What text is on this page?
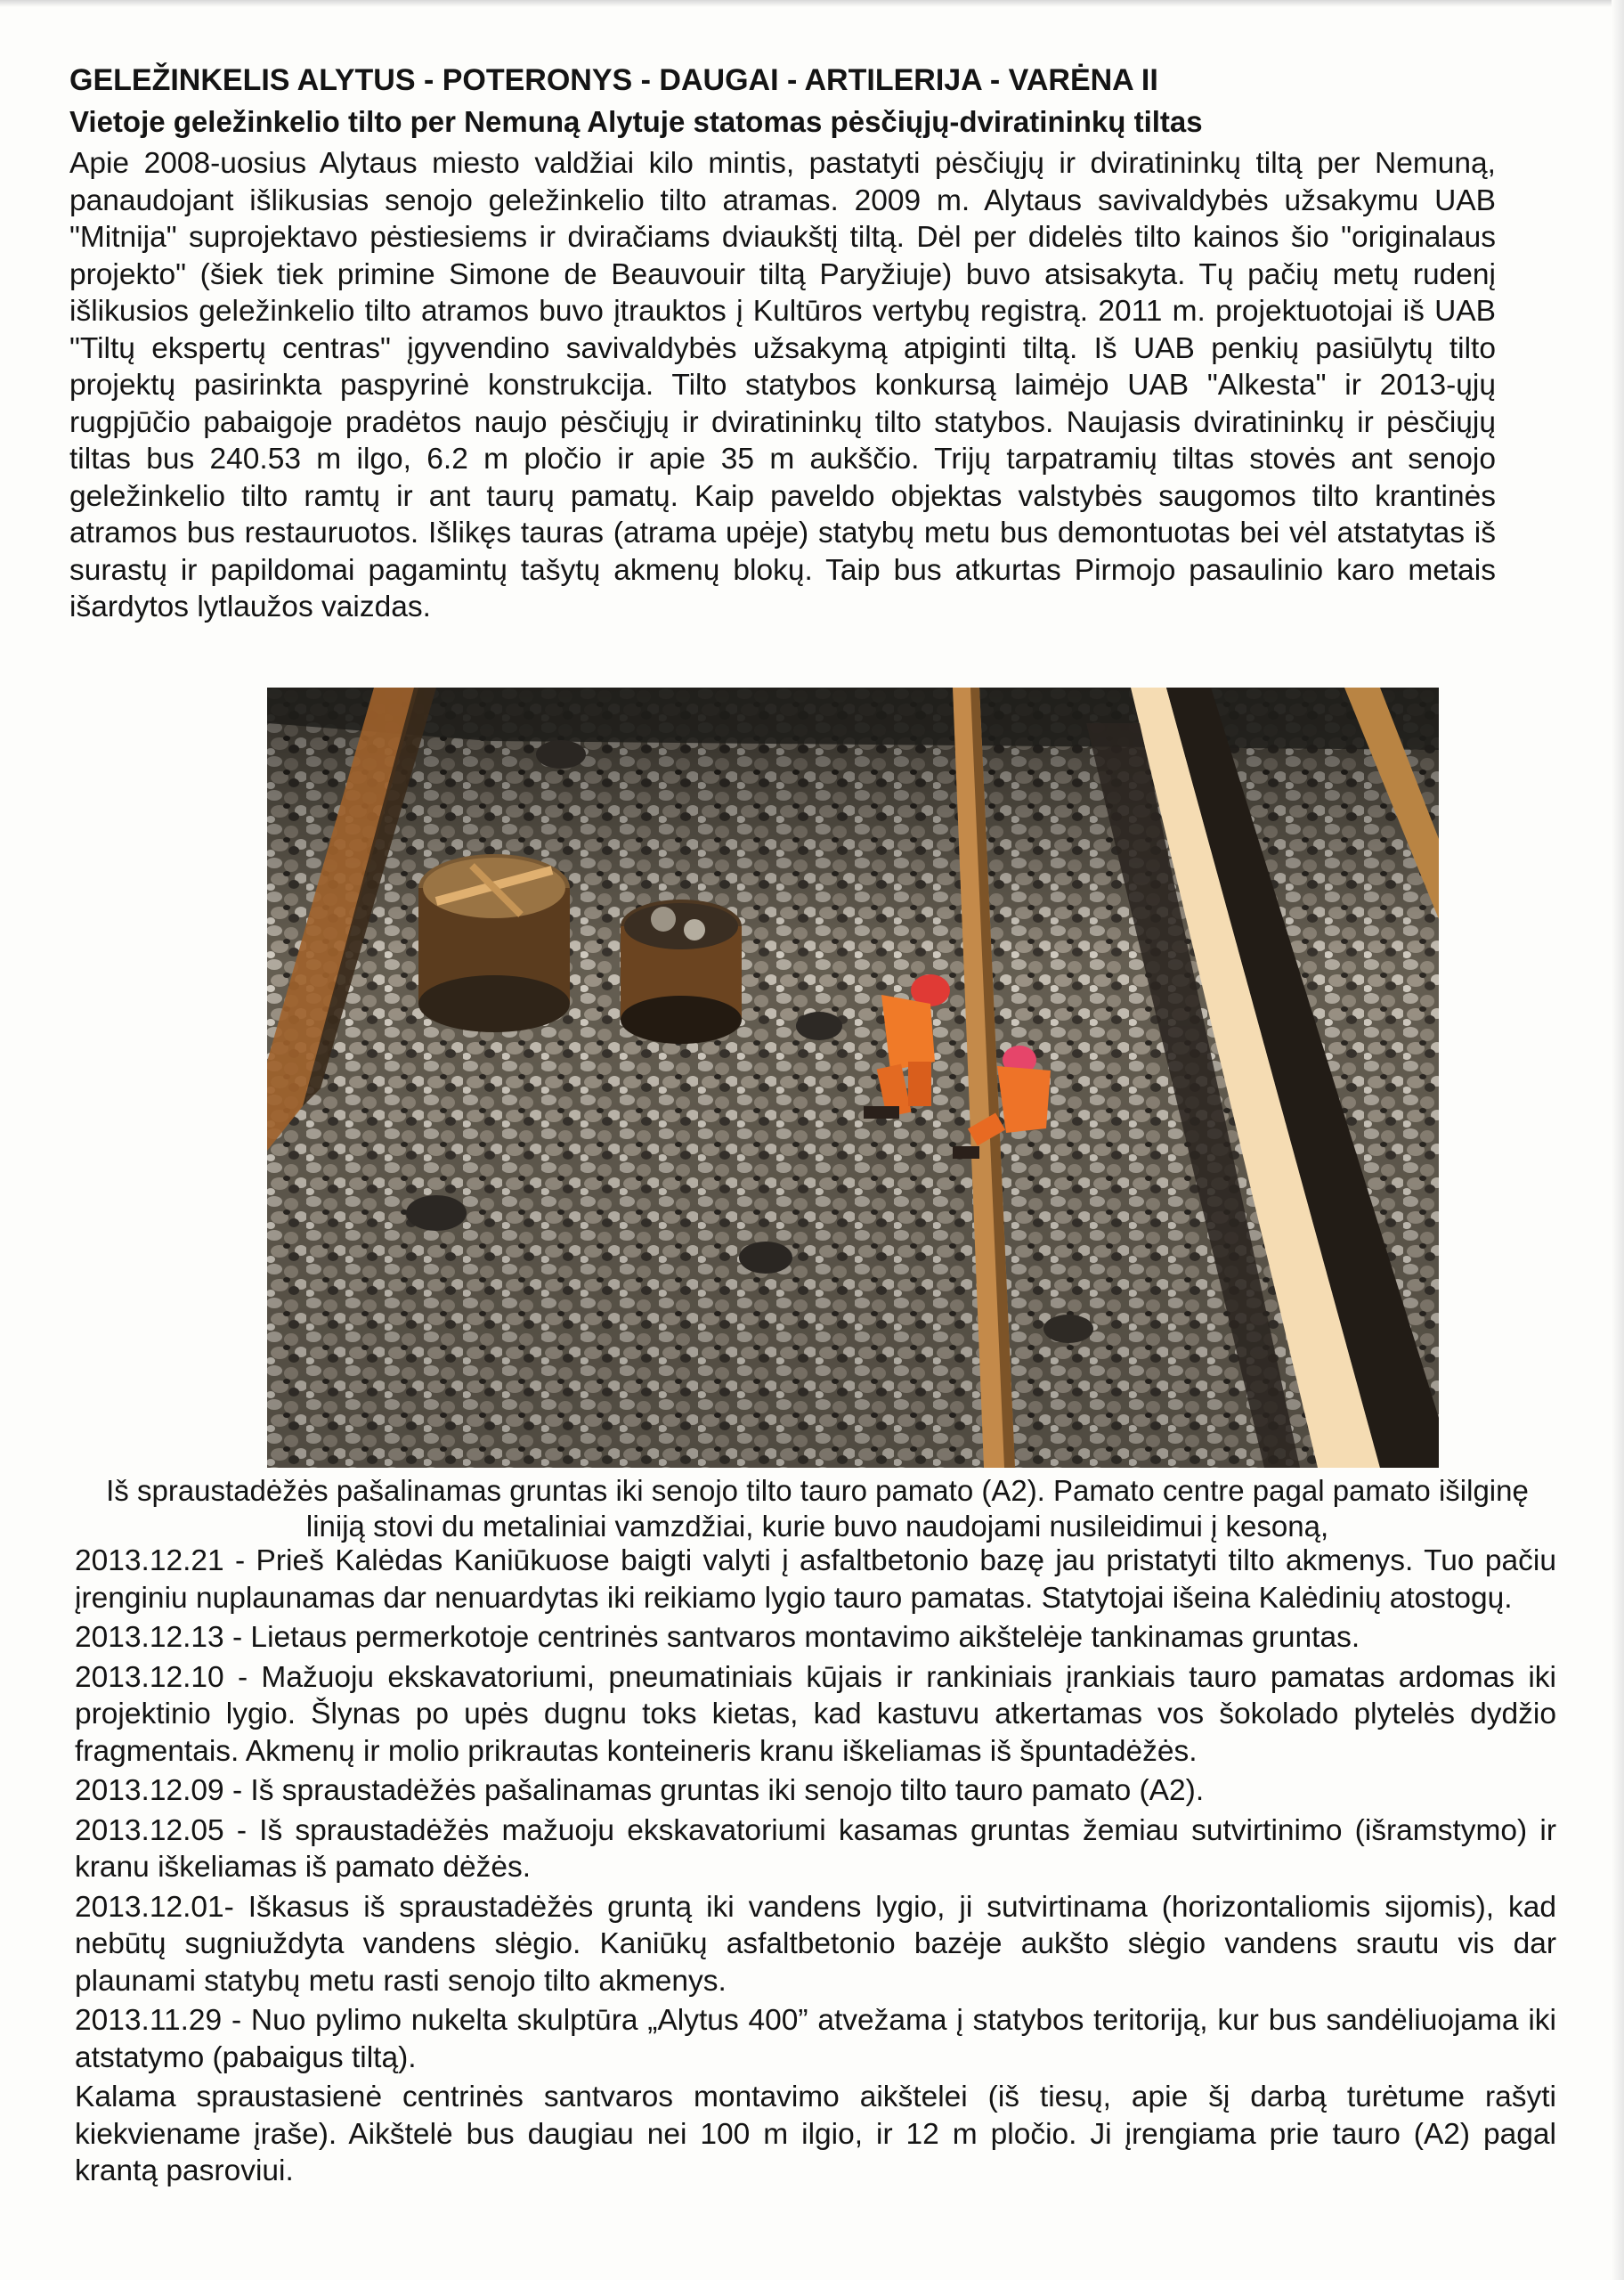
GELEŽINKELIS ALYTUS - POTERONYS - DAUGAI - ARTILERIJA - VARĖNA II
Vietoje geležinkelio tilto per Nemuną Alytuje statomas pėsčiųjų-dviratininkų tiltas

Apie 2008-uosius Alytaus miesto valdžiai kilo mintis, pastatyti pėsčiųjų ir dviratininkų tiltą per Nemuną, panaudojant išlikusias senojo geležinkelio tilto atramas. 2009 m. Alytaus savivaldybės užsakymu UAB "Mitnija" suprojektavo pėstiesiems ir dviračiams dviaukštį tiltą. Dėl per didelės tilto kainos šio "originalaus projekto" (šiek tiek primine Simone de Beauvouir tiltą Paryžiuje) buvo atsisakyta. Tų pačių metų rudenį išlikusios geležinkelio tilto atramos buvo įtrauktos į Kultūros vertybų registrą. 2011 m. projektuotojai iš UAB "Tiltų ekspertų centras" įgyvendino savivaldybės užsakymą atpiginti tiltą. Iš UAB penkių pasiūlytų tilto projektų pasirinkta paspyrinė konstrukcija. Tilto statybos konkursą laimėjo UAB "Alkesta" ir 2013-ųjų rugpjūčio pabaigoje pradėtos naujo pėsčiųjų ir dviratininkų tilto statybos. Naujasis dviratininkų ir pėsčiųjų tiltas bus 240.53 m ilgo, 6.2 m pločio ir apie 35 m aukščio. Trijų tarpatramių tiltas stovės ant senojo geležinkelio tilto ramtų ir ant taurų pamatų. Kaip paveldo objektas valstybės saugomos tilto krantinės atramos bus restauruotos. Išlikęs tauras (atrama upėje) statybų metu bus demontuotas bei vėl atstatytas iš surastų ir papildomai pagamintų tašytų akmenų blokų. Taip bus atkurtas Pirmojo pasaulinio karo metais išardytos lytlaužos vaizdas.

Iš spraustadėžės pašalinamas gruntas iki senojo tilto tauro pamato (A2). Pamato centre pagal pamato išilginę liniją stovi du metaliniai vamzdžiai, kurie buvo naudojami nusileidimui į kesoną,

2013.12.21 - Prieš Kalėdas Kaniūkuose baigti valyti į asfaltbetonio bazę jau pristatyti tilto akmenys. Tuo pačiu įrenginiu nuplaunamas dar nenuardytas iki reikiamo lygio tauro pamatas. Statytojai išeina Kalėdinių atostogų.

2013.12.13 - Lietaus permerkotoje centrinės santvaros montavimo aikštelėje tankinamas gruntas.

2013.12.10 - Mažuoju ekskavatoriumi, pneumatiniais kūjais ir rankiniais įrankiais tauro pamatas ardomas iki projektinio lygio. Šlynas po upės dugnu toks kietas, kad kastuvu atkertamas vos šokolado plytelės dydžio fragmentais. Akmenų ir molio prikrautas konteineris kranu iškeliamas iš špuntadėžės.

2013.12.09 - Iš spraustadėžės pašalinamas gruntas iki senojo tilto tauro pamato (A2).

2013.12.05 - Iš spraustadėžės mažuoju ekskavatoriumi kasamas gruntas žemiau sutvirtinimo (išramstymo) ir kranu iškeliamas iš pamato dėžės.

2013.12.01- Iškasus iš spraustadėžės gruntą iki vandens lygio, ji sutvirtinama (horizontaliomis sijomis), kad nebūtų sugniuždyta vandens slėgio. Kaniūkų asfaltbetonio bazėje aukšto slėgio vandens srautu vis dar plaunami statybų metu rasti senojo tilto akmenys.

2013.11.29 - Nuo pylimo nukelta skulptūra „Alytus 400” atvežama į statybos teritoriją, kur bus sandėliuojama iki atstatymo (pabaigus tiltą).

Kalama spraustasienė centrinės santvaros montavimo aikštelei (iš tiesų, apie šį darbą turėtume rašyti kiekviename įraše). Aikštelė bus daugiau nei 100 m ilgio, ir 12 m pločio. Ji įrengiama prie tauro (A2) pagal krantą pasroviui.
